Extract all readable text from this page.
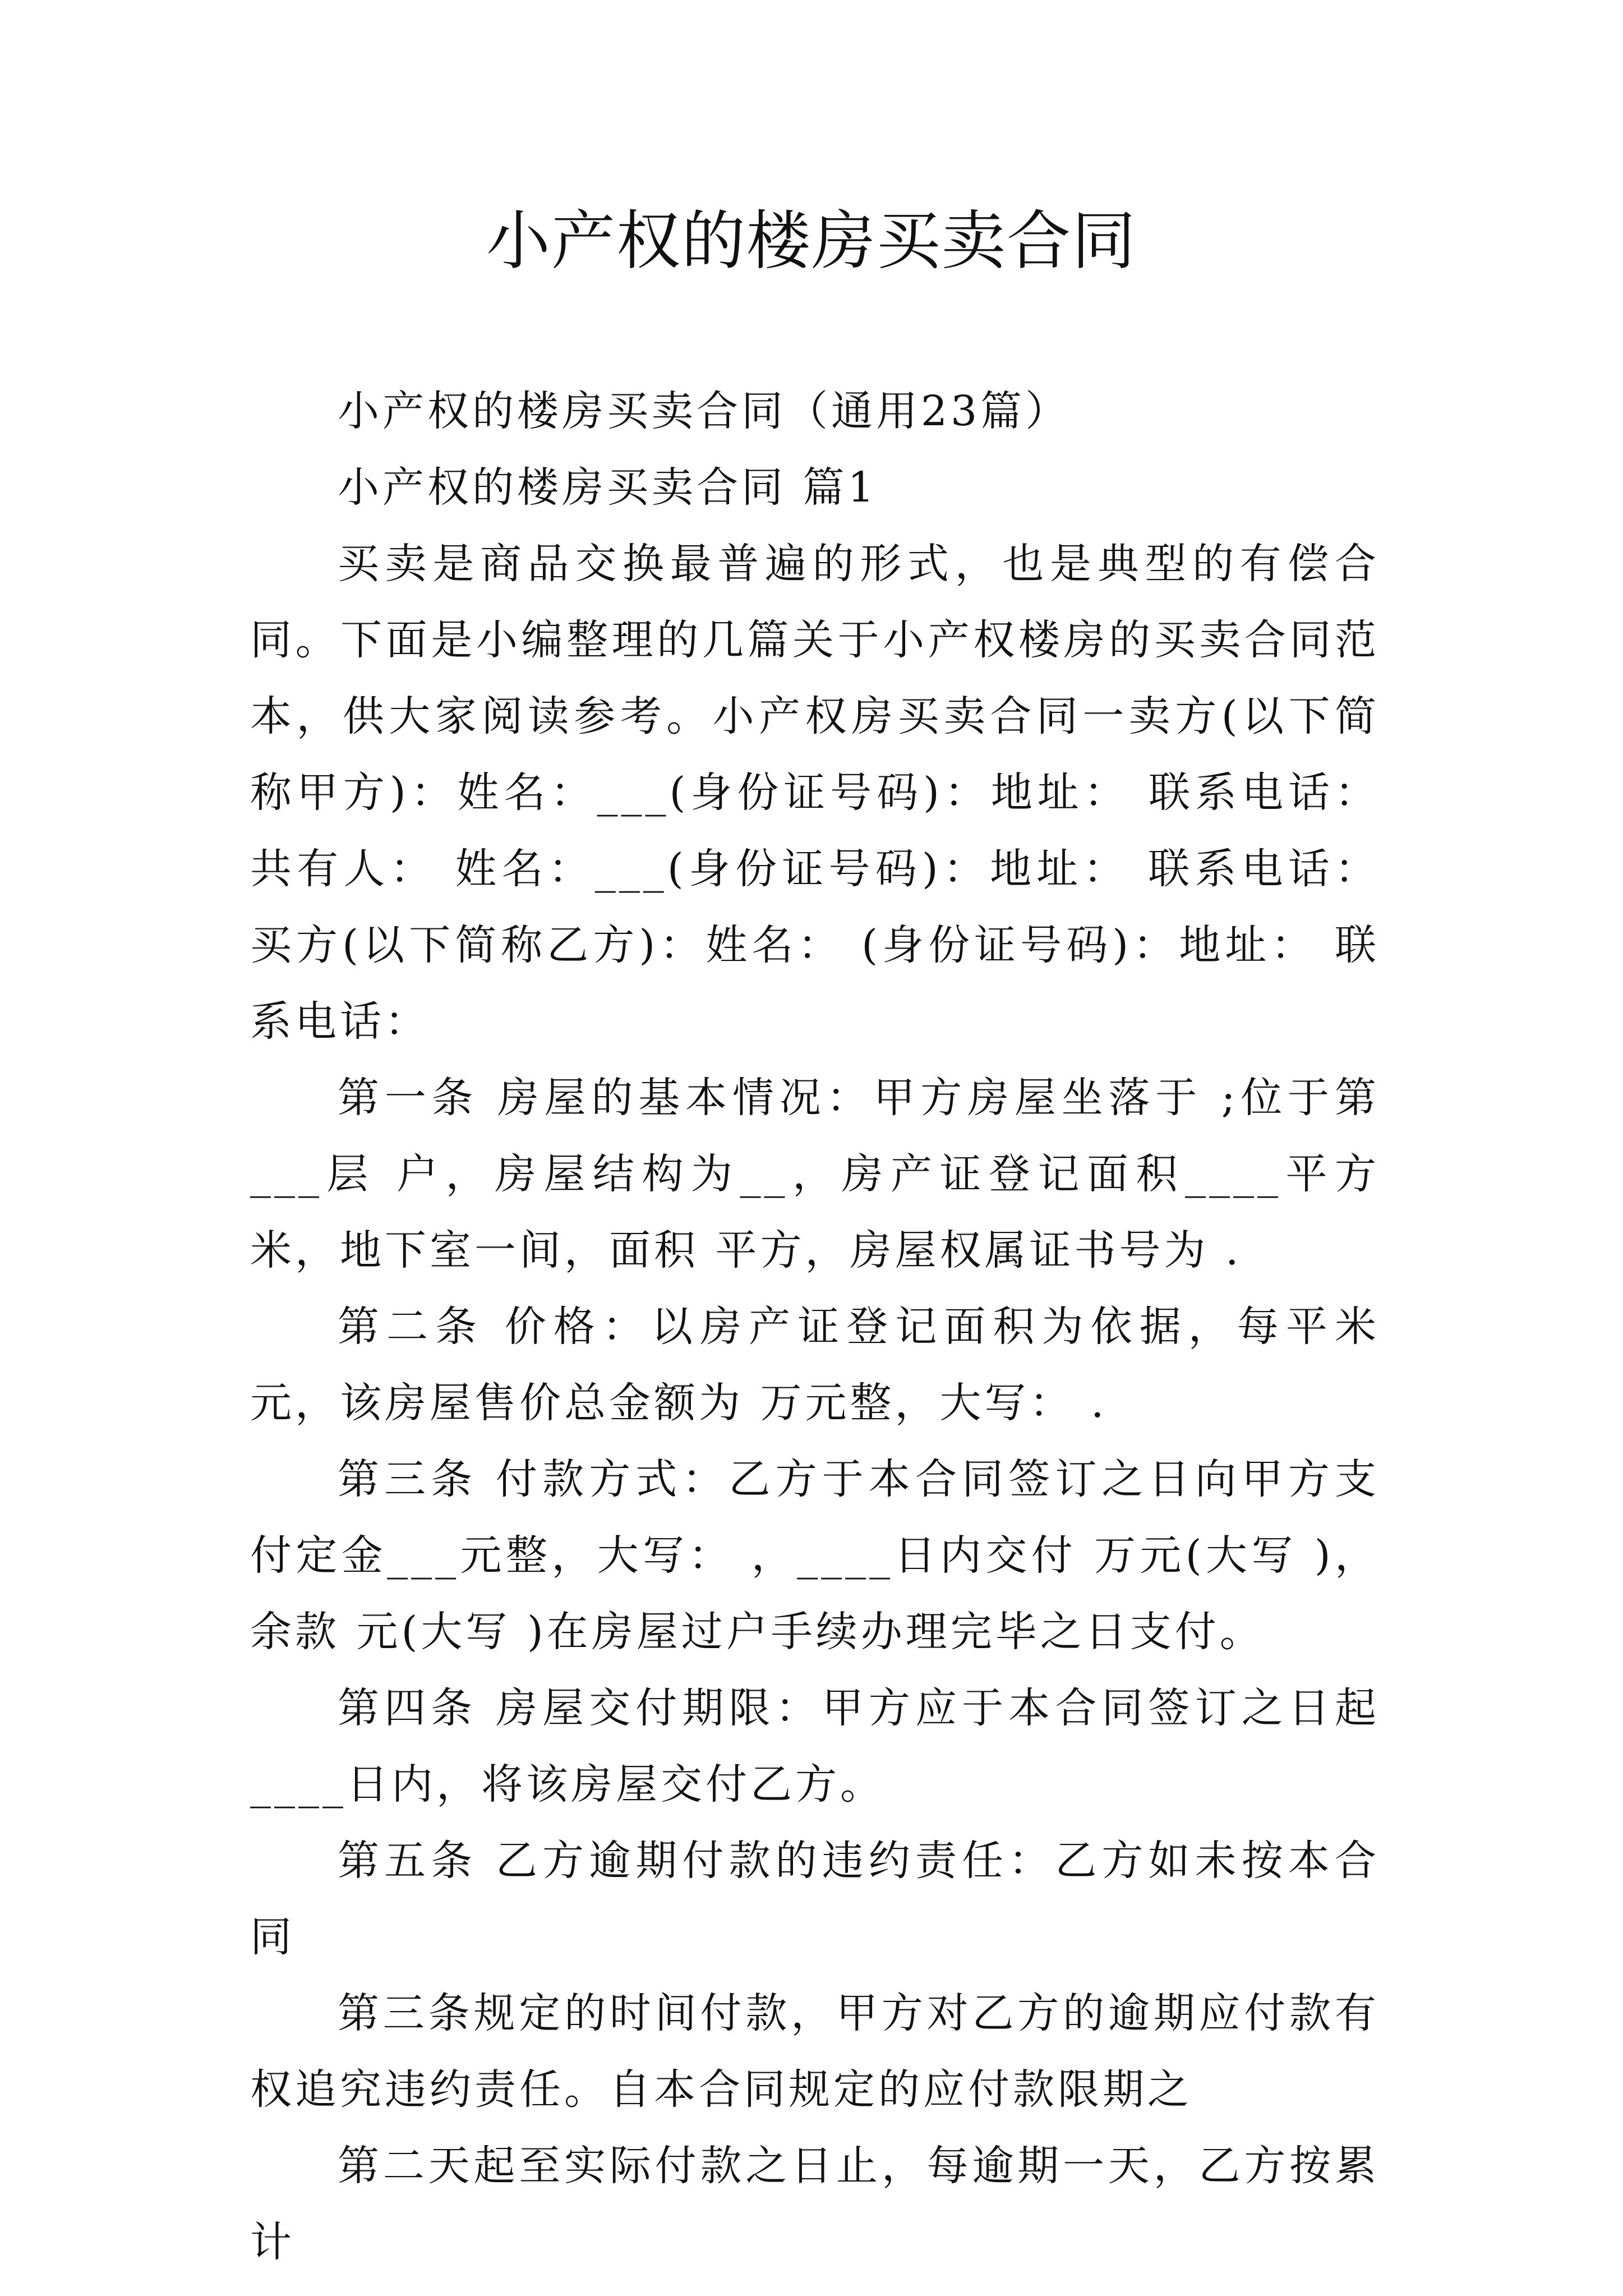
小产权的楼房买卖合同

小产权的楼房买卖合同（通用23篇）

小产权的楼房买卖合同 篇1

买卖是商品交换最普遍的形式，也是典型的有偿合同。下面是小编整理的几篇关于小产权楼房的买卖合同范本，供大家阅读参考。小产权房买卖合同一卖方(以下简称甲方)：姓名：___(身份证号码)：地址： 联系电话：共有人： 姓名：___(身份证号码)：地址： 联系电话：买方(以下简称乙方)：姓名： (身份证号码)：地址： 联系电话：

第一条 房屋的基本情况：甲方房屋坐落于 ;位于第___层 户，房屋结构为__，房产证登记面积____平方米，地下室一间，面积 平方，房屋权属证书号为 .

第二条 价格：以房产证登记面积为依据，每平米 元，该房屋售价总金额为 万元整，大写： .

第三条 付款方式：乙方于本合同签订之日向甲方支付定金___元整，大写： ，____日内交付 万元(大写 )，余款 元(大写 )在房屋过户手续办理完毕之日支付。

第四条 房屋交付期限：甲方应于本合同签订之日起____日内，将该房屋交付乙方。

第五条 乙方逾期付款的违约责任：乙方如未按本合同

第三条规定的时间付款，甲方对乙方的逾期应付款有权追究违约责任。自本合同规定的应付款限期之

第二天起至实际付款之日止，每逾期一天，乙方按累计
